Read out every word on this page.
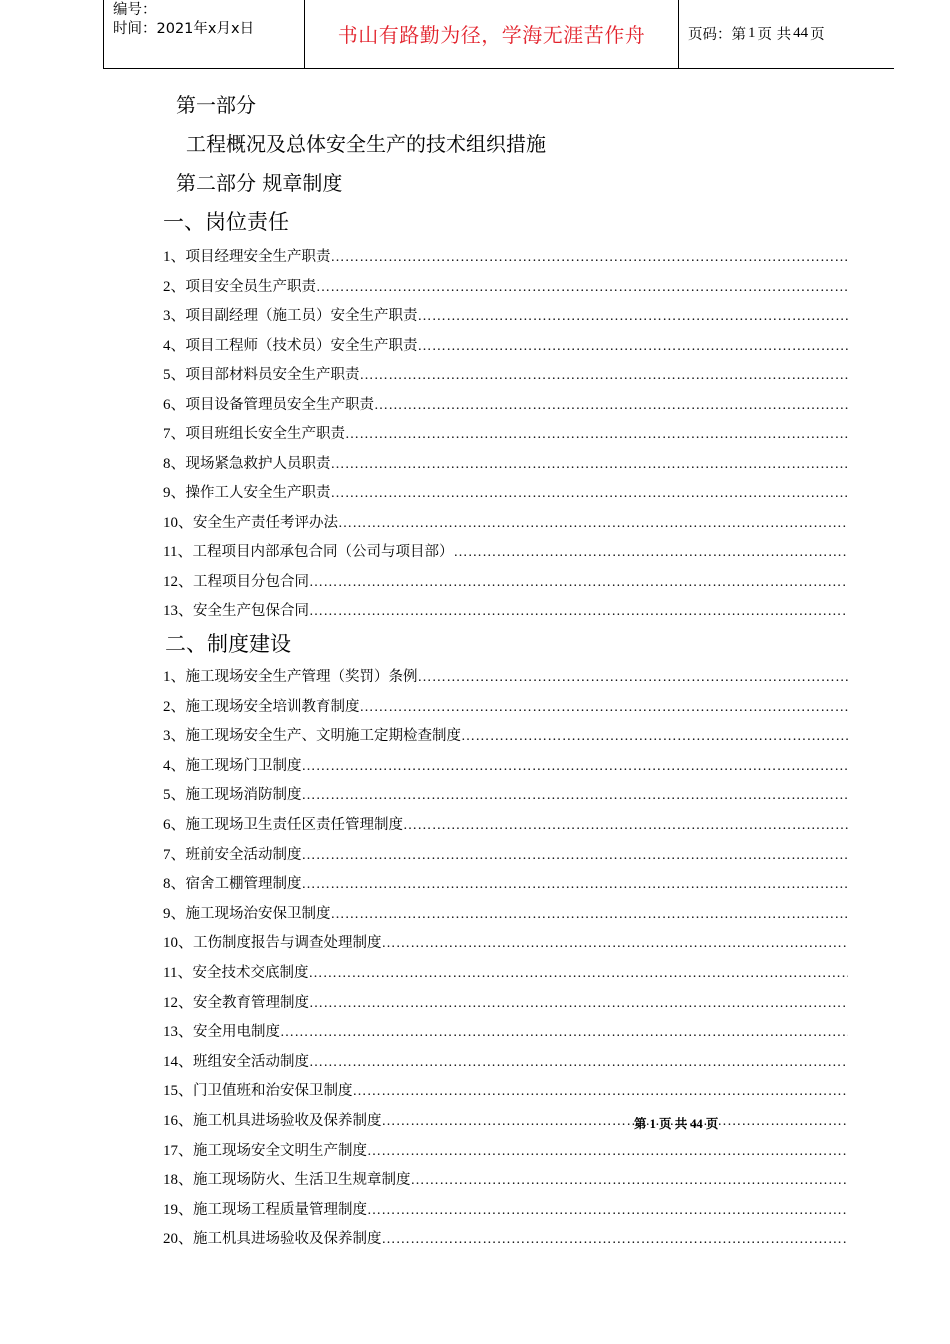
编号：
时间：2021年x月x日	书山有路勤为径，学海无涯苦作舟	页码：第 1 页 共 44 页
第一部分
工程概况及总体安全生产的技术组织措施
第二部分 规章制度
一、岗位责任
1、 项目经理安全生产职责
……………………………………………………………………………………………………………………………………
2、 项目安全员生产职责
……………………………………………………………………………………………………………………………………
3、 项目副经理（施工员）安全生产职责
……………………………………………………………………………………………………………………………………
4、 项目工程师（技术员）安全生产职责
……………………………………………………………………………………………………………………………………
5、 项目部材料员安全生产职责
……………………………………………………………………………………………………………………………………
6、 项目设备管理员安全生产职责
……………………………………………………………………………………………………………………………………
7、 项目班组长安全生产职责
……………………………………………………………………………………………………………………………………
8、 现场紧急救护人员职责
……………………………………………………………………………………………………………………………………
9、 操作工人安全生产职责
……………………………………………………………………………………………………………………………………
10、 安全生产责任考评办法
……………………………………………………………………………………………………………………………………
11、 工程项目内部承包合同（公司与项目部）
……………………………………………………………………………………………………………………………………
12、 工程项目分包合同
……………………………………………………………………………………………………………………………………
13、 安全生产包保合同
……………………………………………………………………………………………………………………………………
二、制度建设
1、 施工现场安全生产管理（奖罚）条例
……………………………………………………………………………………………………………………………………
2、 施工现场安全培训教育制度
……………………………………………………………………………………………………………………………………
3、 施工现场安全生产、文明施工定期检查制度
……………………………………………………………………………………………………………………………………
4、 施工现场门卫制度
……………………………………………………………………………………………………………………………………
5、 施工现场消防制度
……………………………………………………………………………………………………………………………………
6、 施工现场卫生责任区责任管理制度
……………………………………………………………………………………………………………………………………
7、 班前安全活动制度
……………………………………………………………………………………………………………………………………
8、 宿舍工棚管理制度
……………………………………………………………………………………………………………………………………
9、 施工现场治安保卫制度
……………………………………………………………………………………………………………………………………
10、 工伤制度报告与调查处理制度
……………………………………………………………………………………………………………………………………
11、 安全技术交底制度
……………………………………………………………………………………………………………………………………
12、 安全教育管理制度
……………………………………………………………………………………………………………………………………
13、 安全用电制度
……………………………………………………………………………………………………………………………………
14、 班组安全活动制度
……………………………………………………………………………………………………………………………………
15、 门卫值班和治安保卫制度
……………………………………………………………………………………………………………………………………
16、 施工机具进场验收及保养制度
……………………………………………………………………………………………………………………………………
17、 施工现场安全文明生产制度
……………………………………………………………………………………………………………………………………
18、 施工现场防火、生活卫生规章制度
……………………………………………………………………………………………………………………………………
19、 施工现场工程质量管理制度
……………………………………………………………………………………………………………………………………
20、 施工机具进场验收及保养制度
……………………………………………………………………………………………………………………………………
第 1 页 共 44 页
